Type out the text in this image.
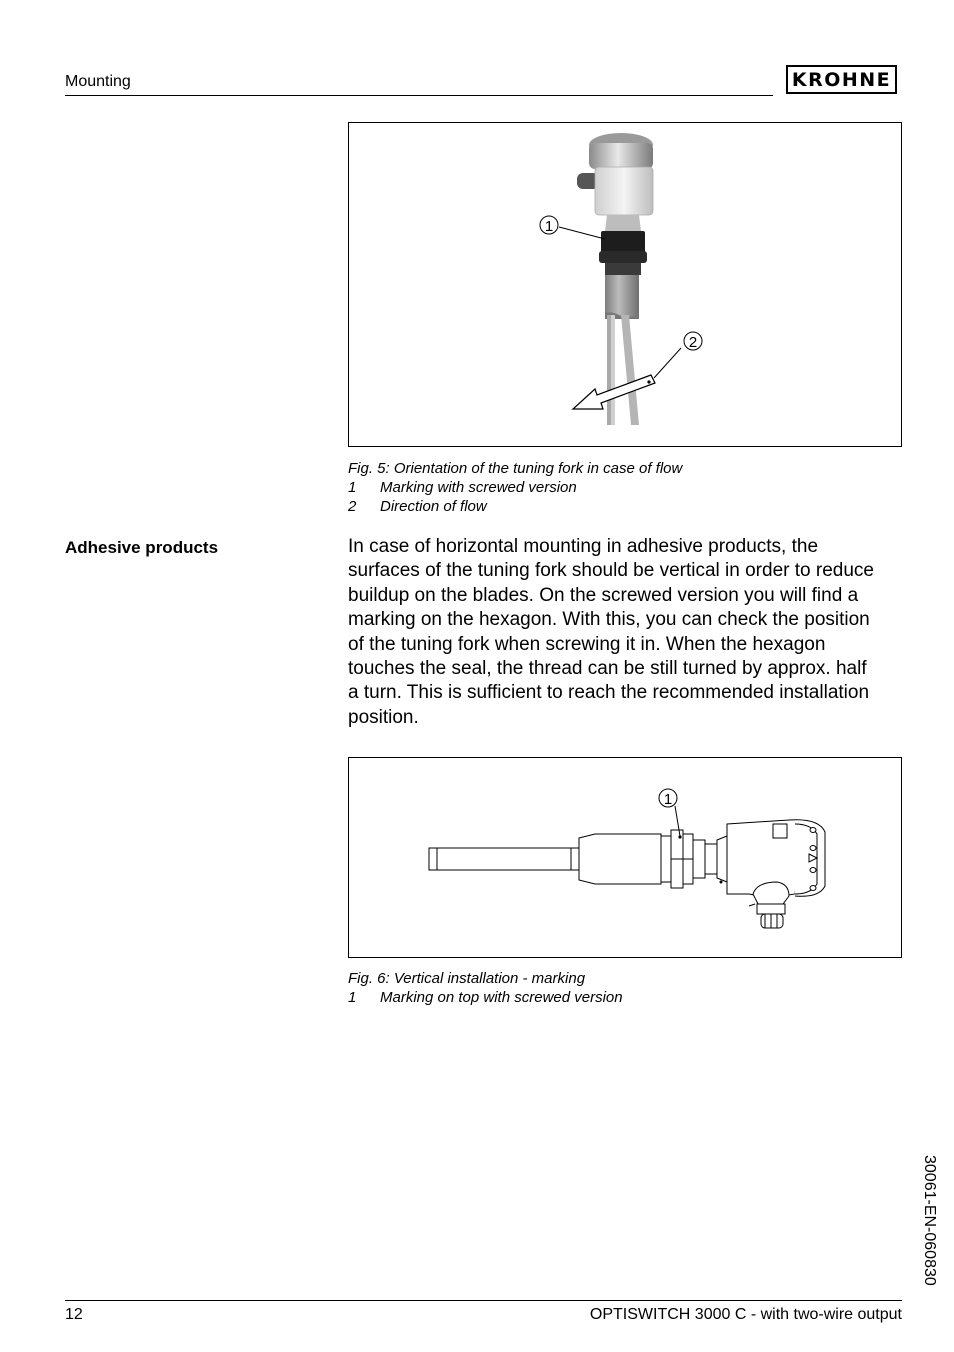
Mounting	KROHNE
1
2
Fig. 5: Orientation of the tuning fork in case of flow
1 Marking with screwed version
2 Direction of flow
Adhesive products	In case of horizontal mounting in adhesive products, the
surfaces of the tuning fork should be vertical in order to reduce
buildup on the blades. On the screwed version you will find a
marking on the hexagon. With this, you can check the position
of the tuning fork when screwing it in. When the hexagon
touches the seal, the thread can be still turned by approx. half
a turn. This is sufficient to reach the recommended installation
position.
1
Fig. 6: Vertical installation - marking
1 Marking on top with screwed version
30061-EN-060830
12	OPTISWITCH 3000 C - with two-wire output
